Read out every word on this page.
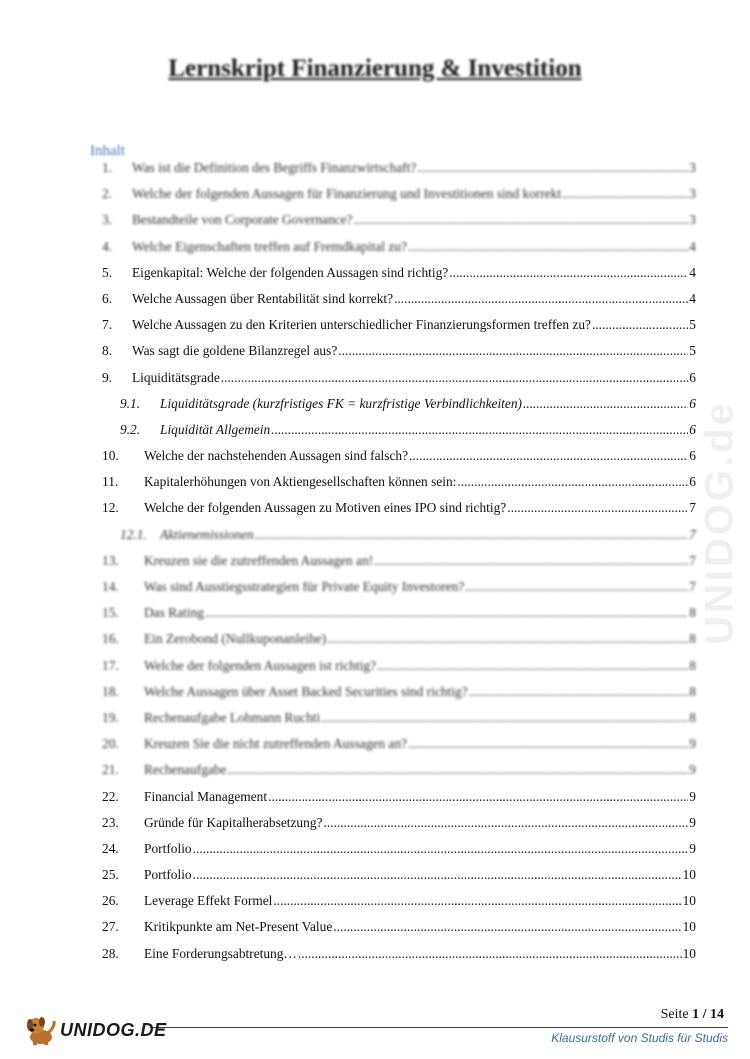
Lernskript Finanzierung & Investition
Inhalt
1.	Was ist die Definition des Begriffs Finanzwirtschaft? .....	3
2.	Welche der folgenden Aussagen für Finanzierung und Investitionen sind korrekt .....	3
3.	Bestandteile von Corporate Governance? .....	3
4.	Welche Eigenschaften treffen auf Fremdkapital zu? .....	4
5.	Eigenkapital: Welche der folgenden Aussagen sind richtig? .....	4
6.	Welche Aussagen über Rentabilität sind korrekt? .....	4
7.	Welche Aussagen zu den Kriterien unterschiedlicher Finanzierungsformen treffen zu? .....	5
8.	Was sagt die goldene Bilanzregel aus? .....	5
9.	Liquiditätsgrade .....	6
9.1.	Liquiditätsgrade (kurzfristiges FK = kurzfristige Verbindlichkeiten) .....	6
9.2.	Liquidität Allgemein .....	6
10.	Welche der nachstehenden Aussagen sind falsch? .....	6
11.	Kapitalerhöhungen von Aktiengesellschaften können sein: .....	6
12.	Welche der folgenden Aussagen zu Motiven eines IPO sind richtig? .....	7
12.1. Aktienemissionen .....	7
13.	Kreuzen sie die zutreffenden Aussagen an! .....	7
14.	Was sind Ausstiegsstrategien für Private Equity Investoren? .....	7
15.	Das Rating .....	8
16.	Ein Zerobond (Nullkuponanleihe) .....	8
17.	Welche der folgenden Aussagen ist richtig? .....	8
18.	Welche Aussagen über Asset Backed Securities sind richtig? .....	8
19.	Rechenaufgabe Lohmann Ruchti .....	8
20.	Kreuzen Sie die nicht zutreffenden Aussagen an? .....	9
21.	Rechenaufgabe .....	9
22.	Financial Management .....	9
23.	Gründe für Kapitalherabsetzung? .....	9
24.	Portfolio .....	9
25.	Portfolio .....	10
26.	Leverage Effekt Formel .....	10
27.	Kritikpunkte am Net-Present Value .....	10
28.	Eine Forderungsabtretung… .....	10
UNIDOG.de
Seite 1 / 14
UNIDOG.DE	Klausurstoff von Studis für Studis
